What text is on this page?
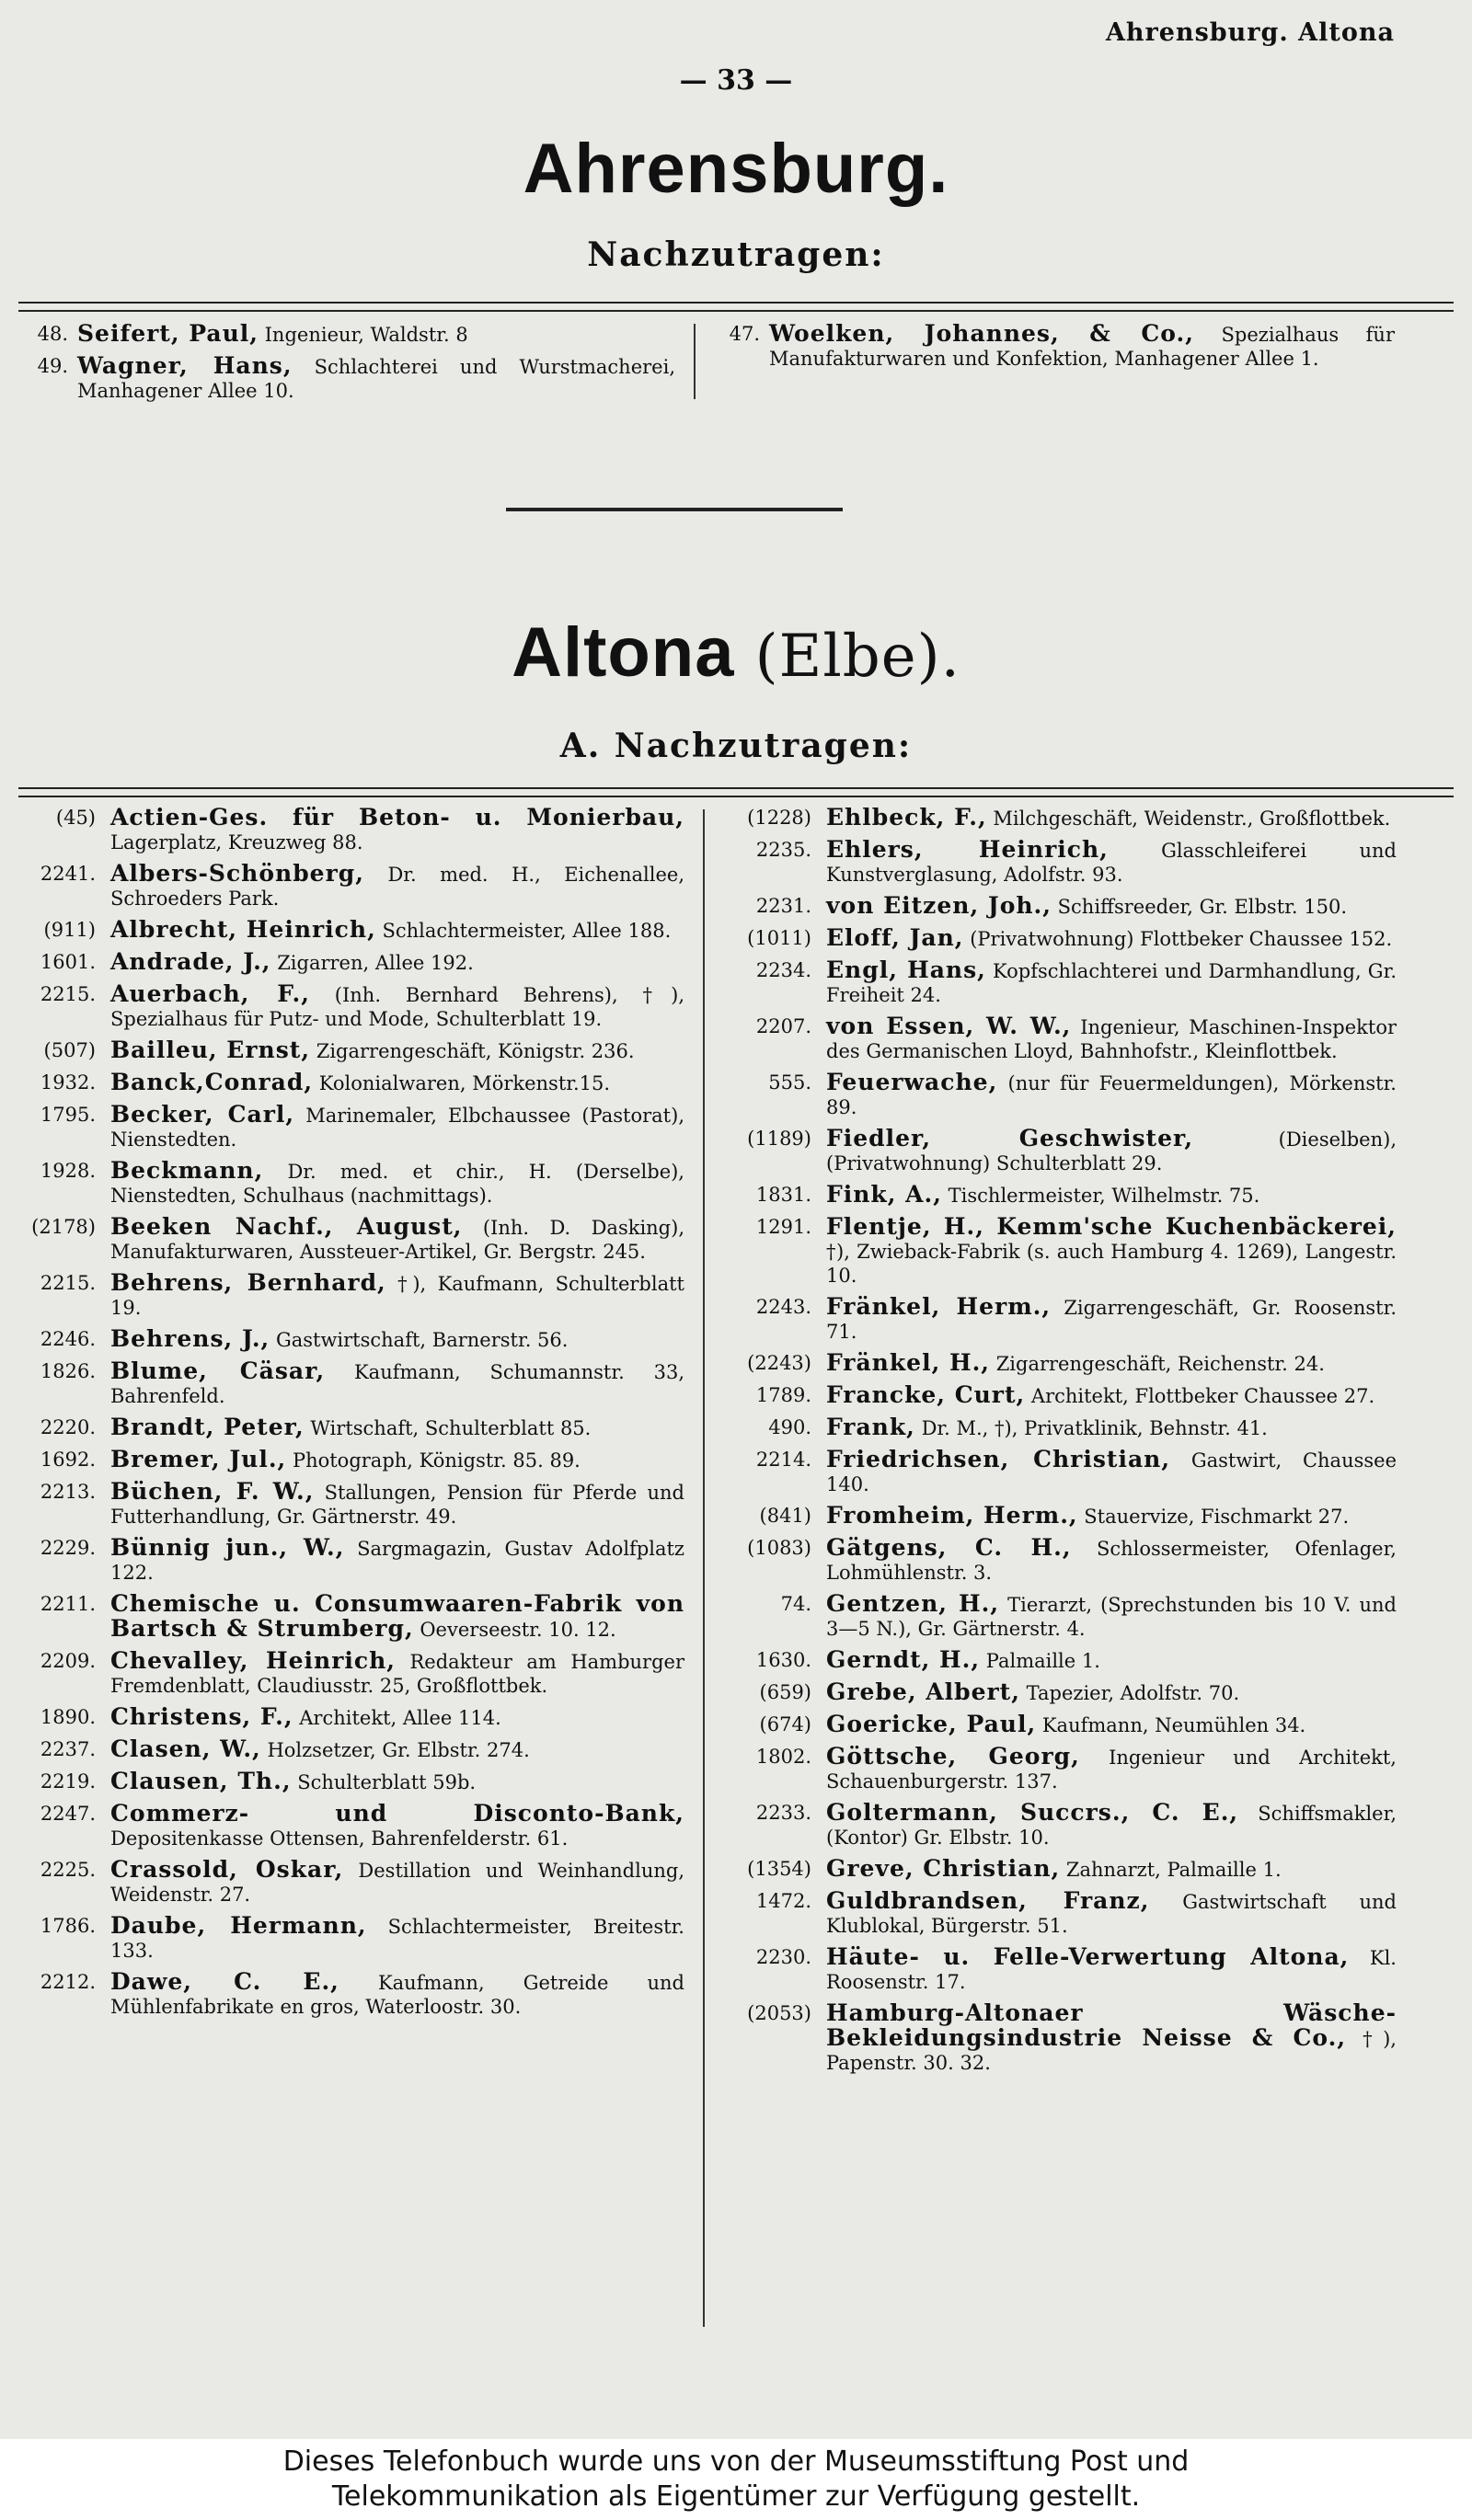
Ahrensburg. Altona
— 33 —
Ahrensburg.
Nachzutragen:
48. Seifert, Paul, Ingenieur, Waldstr. 8
49. Wagner, Hans, Schlachterei und Wurstmacherei, Manhagener Allee 10.
47. Woelken, Johannes, & Co., Spezialhaus für Manufakturwaren und Konfektion, Manhagener Allee 1.
Altona (Elbe).
A. Nachzutragen:
(45) Actien-Ges. für Beton- u. Monierbau, Lagerplatz, Kreuzweg 88.
2241. Albers-Schönberg, Dr. med. H., Eichenallee, Schroeders Park.
(911) Albrecht, Heinrich, Schlachtermeister, Allee 188.
1601. Andrade, J., Zigarren, Allee 192.
2215. Auerbach, F., (Inh. Bernhard Behrens), †), Spezialhaus für Putz- und Mode, Schulterblatt 19.
(507) Bailleu, Ernst, Zigarrengeschäft, Königstr. 236.
1932. Banck,Conrad, Kolonialwaren, Mörkenstr.15.
1795. Becker, Carl, Marinemaler, Elbchaussee (Pastorat), Nienstedten.
1928. Beckmann, Dr. med. et chir., H. (Derselbe), Nienstedten, Schulhaus (nachmittags).
(2178) Beeken Nachf., August, (Inh. D. Dasking), Manufakturwaren, Aussteuer-Artikel, Gr. Bergstr. 245.
2215. Behrens, Bernhard, †), Kaufmann, Schulterblatt 19.
2246. Behrens, J., Gastwirtschaft, Barnerstr. 56.
1826. Blume, Cäsar, Kaufmann, Schumannstr. 33, Bahrenfeld.
2220. Brandt, Peter, Wirtschaft, Schulterblatt 85.
1692. Bremer, Jul., Photograph, Königstr. 85. 89.
2213. Büchen, F. W., Stallungen, Pension für Pferde und Futterhandlung, Gr. Gärtnerstr. 49.
2229. Bünnig jun., W., Sargmagazin, Gustav Adolfplatz 122.
2211. Chemische u. Consumwaaren-Fabrik von Bartsch & Strumberg, Oeverseestr. 10. 12.
2209. Chevalley, Heinrich, Redakteur am Hamburger Fremdenblatt, Claudiusstr. 25, Großflottbek.
1890. Christens, F., Architekt, Allee 114.
2237. Clasen, W., Holzsetzer, Gr. Elbstr. 274.
2219. Clausen, Th., Schulterblatt 59b.
2247. Commerz- und Disconto-Bank, Depositenkasse Ottensen, Bahrenfelderstr. 61.
2225. Crassold, Oskar, Destillation und Weinhandlung, Weidenstr. 27.
1786. Daube, Hermann, Schlachtermeister, Breitestr. 133.
2212. Dawe, C. E., Kaufmann, Getreide und Mühlenfabrikate en gros, Waterloostr. 30.
(1228) Ehlbeck, F., Milchgeschäft, Weidenstr., Großflottbek.
2235. Ehlers, Heinrich,	Glasschleiferei und Kunstverglasung, Adolfstr. 93.
2231. von Eitzen, Joh., Schiffsreeder, Gr. Elbstr. 150.
(1011) Eloff, Jan, (Privatwohnung) Flottbeker Chaussee 152.
2234. Engl, Hans, Kopfschlachterei und Darmhandlung, Gr. Freiheit 24.
2207. von Essen, W. W., Ingenieur, Maschinen-Inspektor des Germanischen Lloyd, Bahnhofstr., Kleinflottbek.
555. Feuerwache, (nur für Feuermeldungen), Mörkenstr. 89.
(1189) Fiedler, Geschwister,	(Dieselben), (Privatwohnung) Schulterblatt 29.
1831. Fink, A., Tischlermeister, Wilhelmstr. 75.
1291. Flentje, H., Kemm'sche Kuchenbäckerei, †), Zwieback-Fabrik (s. auch Hamburg 4. 1269), Langestr. 10.
2243. Fränkel, Herm., Zigarrengeschäft, Gr. Roosenstr. 71.
(2243) Fränkel, H., Zigarrengeschäft, Reichenstr. 24.
1789. Francke, Curt, Architekt, Flottbeker Chaussee 27.
490. Frank, Dr. M., †), Privatklinik, Behnstr. 41.
2214. Friedrichsen, Christian, Gastwirt, Chaussee 140.
(841) Fromheim, Herm., Stauervize, Fischmarkt 27.
(1083) Gätgens, C. H., Schlossermeister, Ofenlager, Lohmühlenstr. 3.
74. Gentzen, H., Tierarzt, (Sprechstunden bis 10 V. und 3—5 N.), Gr. Gärtnerstr. 4.
1630. Gerndt, H., Palmaille 1.
(659) Grebe, Albert, Tapezier, Adolfstr. 70.
(674) Goericke, Paul, Kaufmann, Neumühlen 34.
1802. Göttsche, Georg, Ingenieur und Architekt, Schauenburgerstr. 137.
2233. Goltermann, Succrs., C. E., Schiffsmakler, (Kontor) Gr. Elbstr. 10.
(1354) Greve, Christian, Zahnarzt, Palmaille 1.
1472. Guldbrandsen, Franz, Gastwirtschaft und Klublokal, Bürgerstr. 51.
2230. Häute- u. Felle-Verwertung Altona, Kl. Roosenstr. 17.
(2053) Hamburg-Altonaer Wäsche-Bekleidungsindustrie Neisse & Co., †), Papenstr. 30. 32.
Dieses Telefonbuch wurde uns von der Museumsstiftung Post und
Telekommunikation als Eigentümer zur Verfügung gestellt.
